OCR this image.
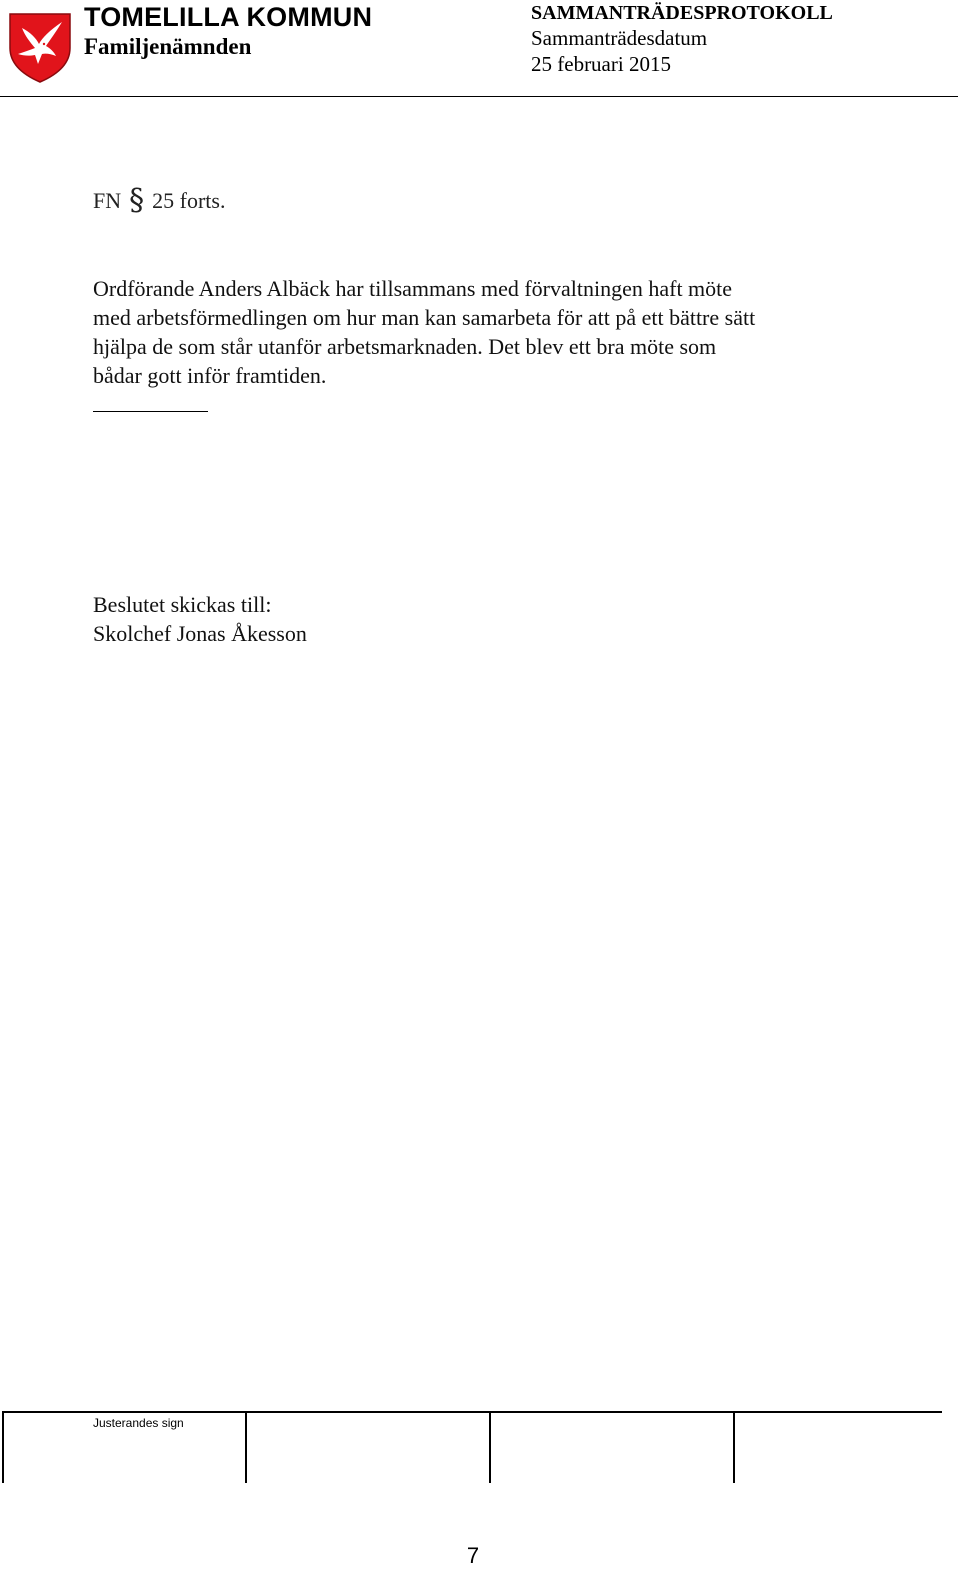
TOMELILLA KOMMUN
Familjenämnden
SAMMANTRÄDESPROTOKOLL
Sammanträdesdatum
25 februari 2015
FN § 25 forts.
Ordförande Anders Albäck har tillsammans med förvaltningen haft möte
med arbetsförmedlingen om hur man kan samarbeta för att på ett bättre sätt
hjälpa de som står utanför arbetsmarknaden. Det blev ett bra möte som
bådar gott inför framtiden.
Beslutet skickas till:
Skolchef Jonas Åkesson
Justerandes sign
7
